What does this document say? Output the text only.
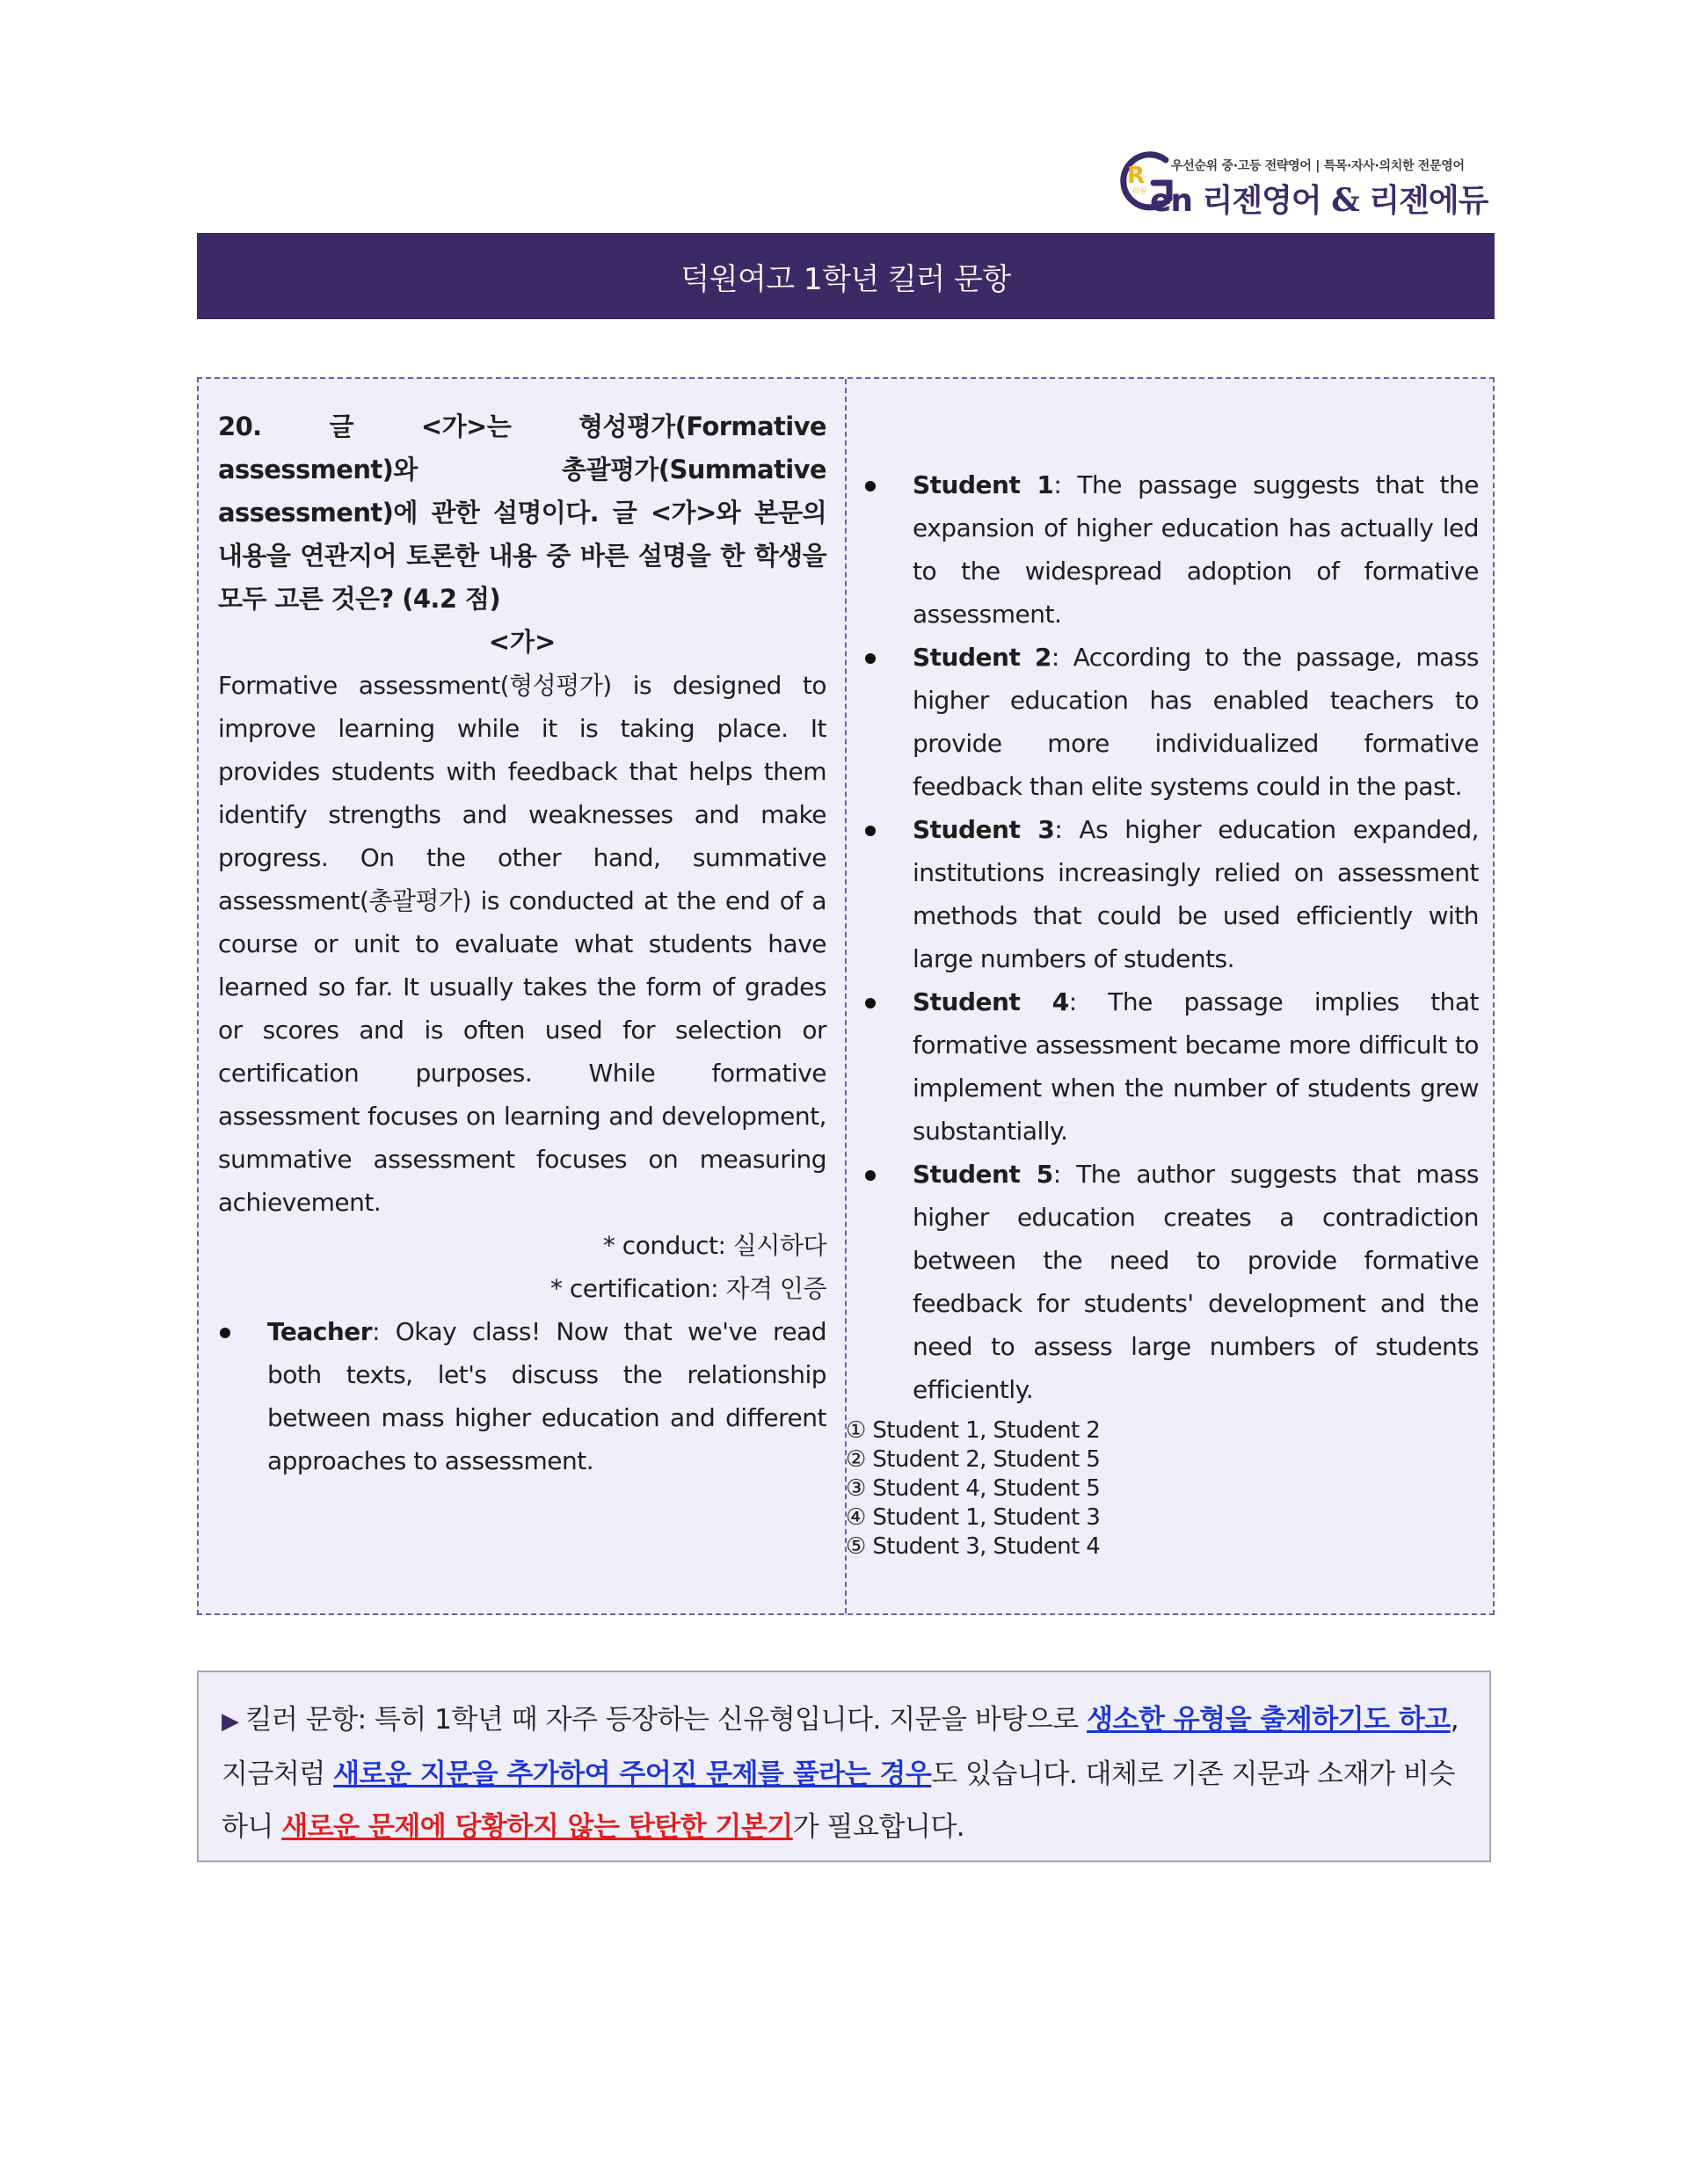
R
리젠
우선순위 중·고등 전략영어 | 특목·자사·의치한 전문영어
en 리젠영어 & 리젠에듀
덕원여고 1학년 킬러 문항
20. 글 <가>는 형성평가(Formative assessment)와 총괄평가(Summative assessment)에 관한 설명이다. 글 <가>와 본문의 내용을 연관지어 토론한 내용 중 바른 설명을 한 학생을 모두 고른 것은? (4.2 점)
<가>
Formative assessment(형성평가) is designed to improve learning while it is taking place. It provides students with feedback that helps them identify strengths and weaknesses and make progress. On the other hand, summative assessment(총괄평가) is conducted at the end of a course or unit to evaluate what students have learned so far. It usually takes the form of grades or scores and is often used for selection or certification purposes. While formative assessment focuses on learning and development, summative assessment focuses on measuring achievement.
* conduct: 실시하다
* certification: 자격 인증
Teacher: Okay class! Now that we've read both texts, let's discuss the relationship between mass higher education and different approaches to assessment.
Student 1: The passage suggests that the expansion of higher education has actually led to the widespread adoption of formative assessment.
Student 2: According to the passage, mass higher education has enabled teachers to provide more individualized formative feedback than elite systems could in the past.
Student 3: As higher education expanded, institutions increasingly relied on assessment methods that could be used efficiently with large numbers of students.
Student 4: The passage implies that formative assessment became more difficult to implement when the number of students grew substantially.
Student 5: The author suggests that mass higher education creates a contradiction between the need to provide formative feedback for students' development and the need to assess large numbers of students efficiently.
① Student 1, Student 2
② Student 2, Student 5
③ Student 4, Student 5
④ Student 1, Student 3
⑤ Student 3, Student 4
▶ 킬러 문항: 특히 1학년 때 자주 등장하는 신유형입니다. 지문을 바탕으로 생소한 유형을 출제하기도 하고, 지금처럼 새로운 지문을 추가하여 주어진 문제를 풀라는 경우도 있습니다. 대체로 기존 지문과 소재가 비슷하니 새로운 문제에 당황하지 않는 탄탄한 기본기가 필요합니다.
